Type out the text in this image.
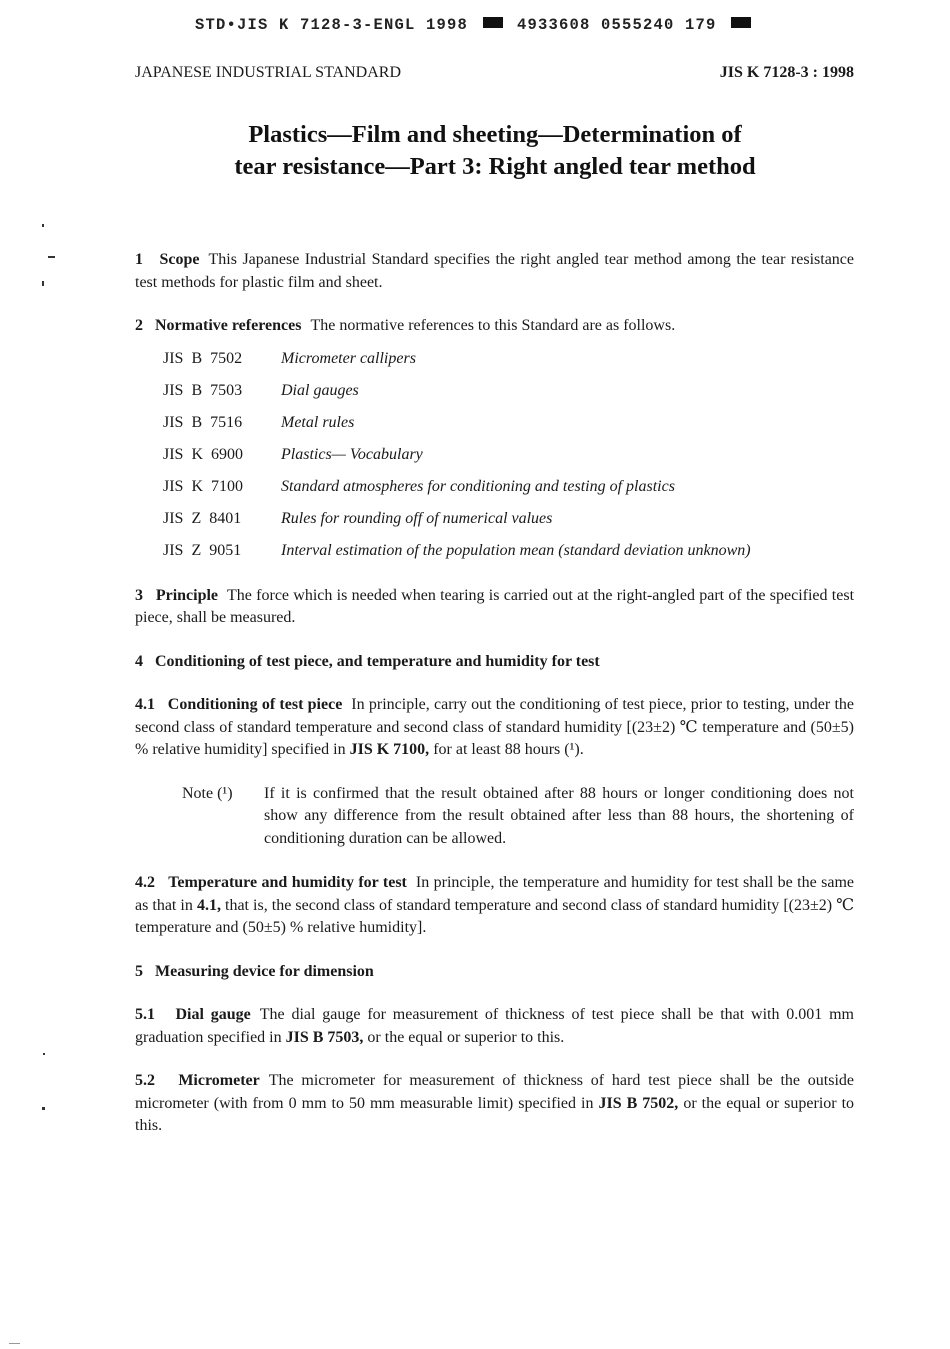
STD•JIS K 7128-3-ENGL 1998	4933608 0555240 179
JAPANESE INDUSTRIAL STANDARD	JIS K 7128-3 : 1998
Plastics—Film and sheeting—Determination of
tear resistance—Part 3: Right angled tear method

1 Scope This Japanese Industrial Standard specifies the right angled tear method among the tear resistance test methods for plastic film and sheet.

2 Normative references The normative references to this Standard are as follows.

JIS  B  7502	Micrometer callipers
JIS  B  7503	Dial gauges
JIS  B  7516	Metal rules
JIS  K  6900	Plastics— Vocabulary
JIS  K  7100	Standard atmospheres for conditioning and testing of plastics
JIS  Z  8401	Rules for rounding off of numerical values
JIS  Z  9051	Interval estimation of the population mean (standard deviation unknown)

3 Principle The force which is needed when tearing is carried out at the right-angled part of the specified test piece, shall be measured.

4 Conditioning of test piece, and temperature and humidity for test

4.1 Conditioning of test piece In principle, carry out the conditioning of test piece, prior to testing, under the second class of standard temperature and second class of standard humidity [(23±2) ℃ temperature and (50±5) % relative humidity] specified in JIS K 7100, for at least 88 hours (¹).

Note (¹)	If it is confirmed that the result obtained after 88 hours or longer conditioning does not show any difference from the result obtained after less than 88 hours, the shortening of conditioning duration can be allowed.

4.2 Temperature and humidity for test In principle, the temperature and humidity for test shall be the same as that in 4.1, that is, the second class of standard temperature and second class of standard humidity [(23±2) ℃ temperature and (50±5) % relative humidity].

5 Measuring device for dimension

5.1 Dial gauge The dial gauge for measurement of thickness of test piece shall be that with 0.001 mm graduation specified in JIS B 7503, or the equal or superior to this.

5.2 Micrometer The micrometer for measurement of thickness of hard test piece shall be the outside micrometer (with from 0 mm to 50 mm measurable limit) specified in JIS B 7502, or the equal or superior to this.
